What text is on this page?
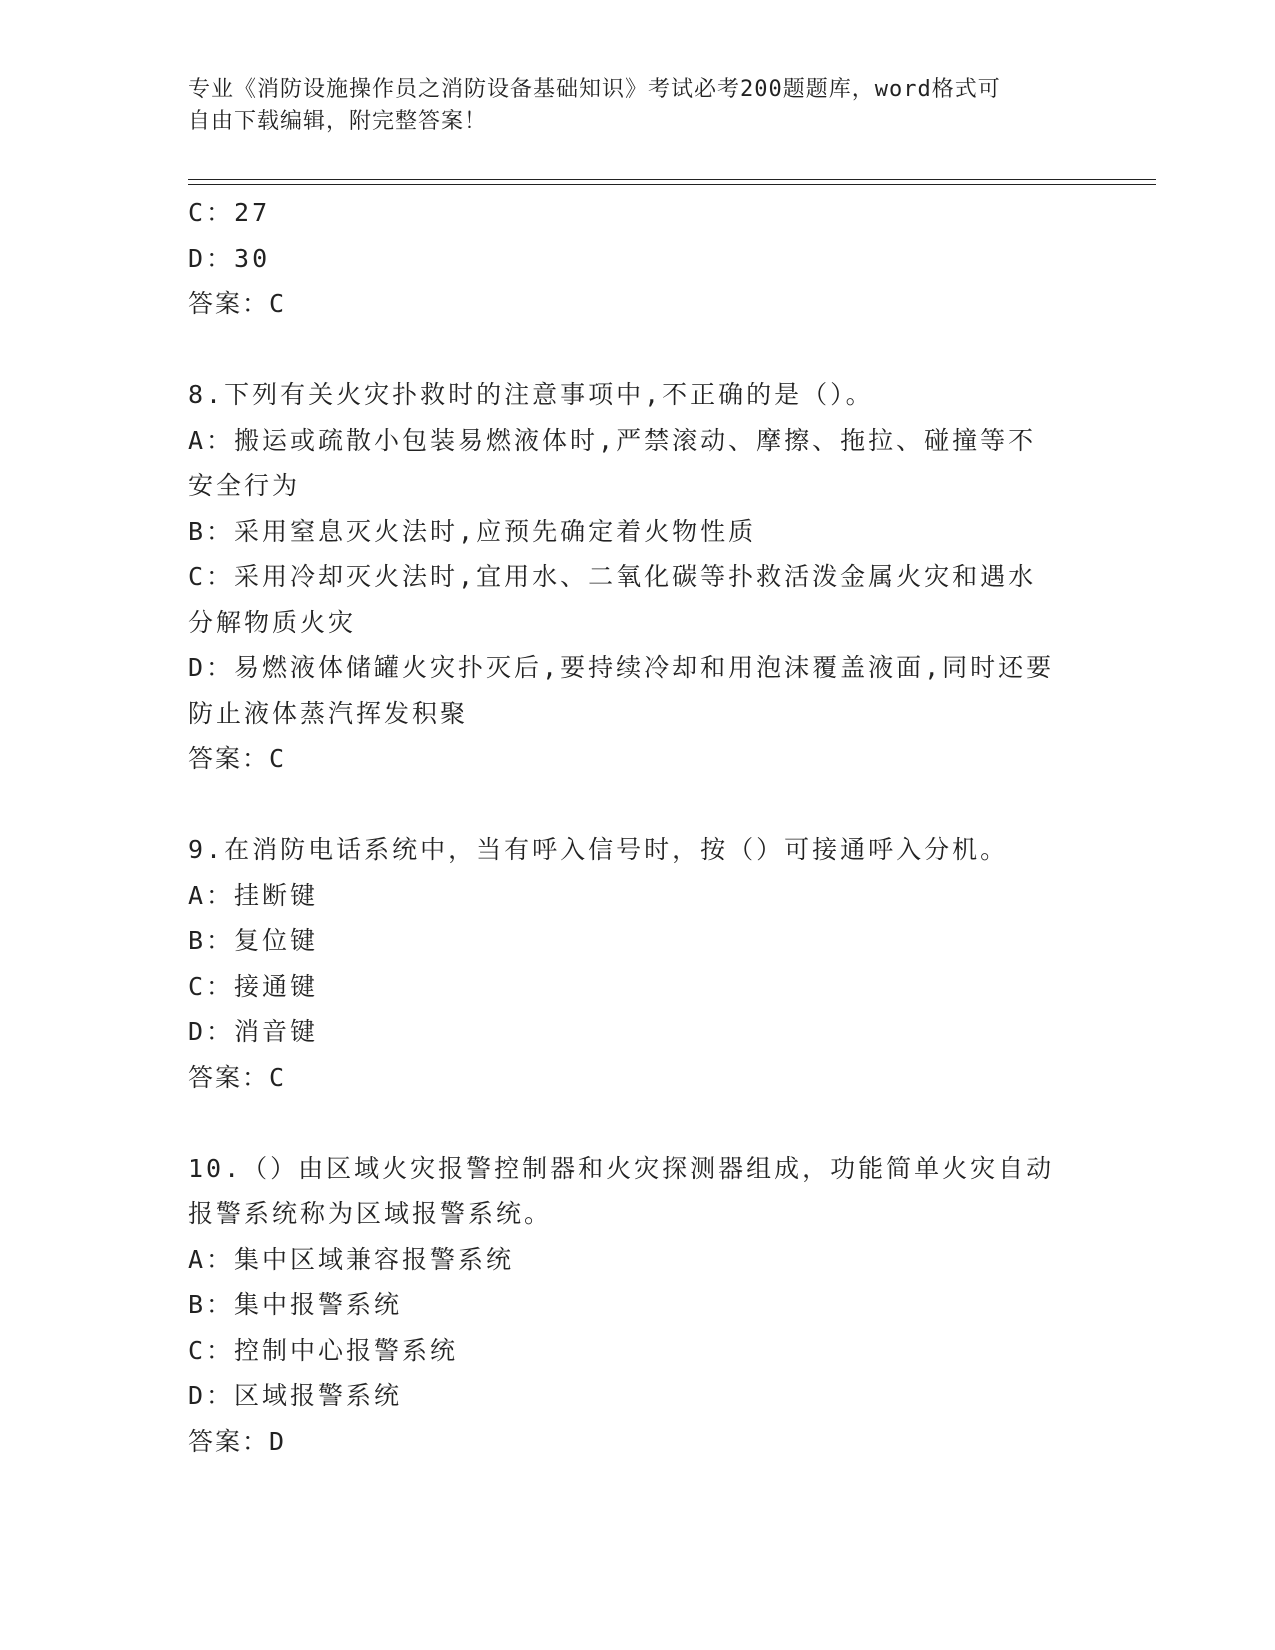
专业《消防设施操作员之消防设备基础知识》考试必考200题题库，word格式可
自由下载编辑，附完整答案！
C：27
D：30
答案：C
8.下列有关火灾扑救时的注意事项中,不正确的是（）。
A：搬运或疏散小包装易燃液体时,严禁滚动、摩擦、拖拉、碰撞等不
安全行为
B：采用窒息灭火法时,应预先确定着火物性质
C：采用冷却灭火法时,宜用水、二氧化碳等扑救活泼金属火灾和遇水
分解物质火灾
D：易燃液体储罐火灾扑灭后,要持续冷却和用泡沫覆盖液面,同时还要
防止液体蒸汽挥发积聚
答案：C
9.在消防电话系统中，当有呼入信号时，按（）可接通呼入分机。
A：挂断键
B：复位键
C：接通键
D：消音键
答案：C
10.（）由区域火灾报警控制器和火灾探测器组成，功能简单火灾自动
报警系统称为区域报警系统。
A：集中区域兼容报警系统
B：集中报警系统
C：控制中心报警系统
D：区域报警系统
答案：D
